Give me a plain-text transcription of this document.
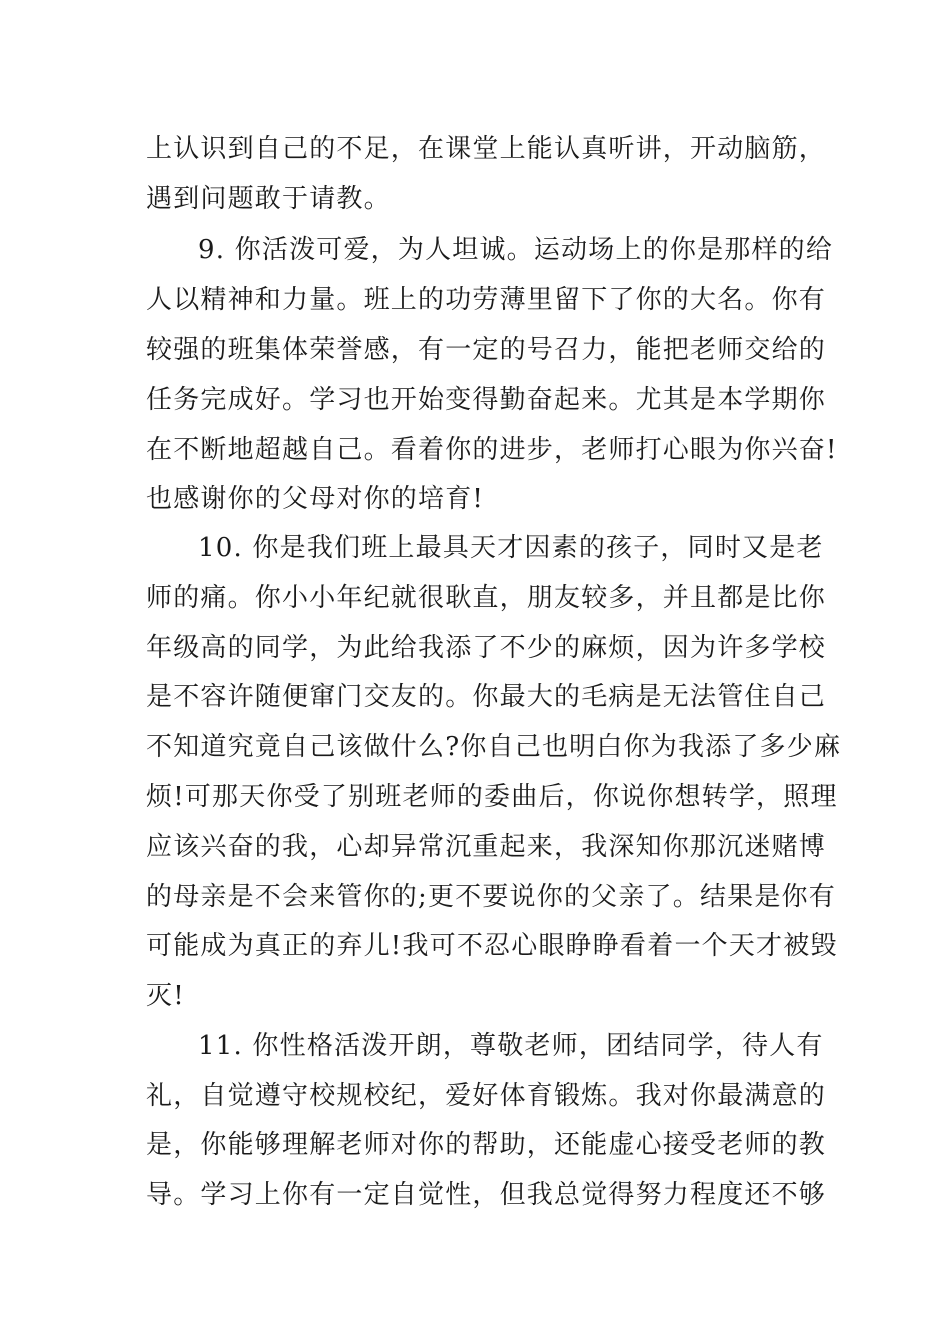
上认识到自己的不足，在课堂上能认真听讲，开动脑筋，
遇到问题敢于请教。
9. 你活泼可爱，为人坦诚。运动场上的你是那样的给
人以精神和力量。班上的功劳薄里留下了你的大名。你有
较强的班集体荣誉感，有一定的号召力，能把老师交给的
任务完成好。学习也开始变得勤奋起来。尤其是本学期你
在不断地超越自己。看着你的进步，老师打心眼为你兴奋!
也感谢你的父母对你的培育!
10. 你是我们班上最具天才因素的孩子，同时又是老
师的痛。你小小年纪就很耿直，朋友较多，并且都是比你
年级高的同学，为此给我添了不少的麻烦，因为许多学校
是不容许随便窜门交友的。你最大的毛病是无法管住自己
不知道究竟自己该做什么?你自己也明白你为我添了多少麻
烦!可那天你受了别班老师的委曲后，你说你想转学，照理
应该兴奋的我，心却异常沉重起来，我深知你那沉迷赌博
的母亲是不会来管你的;更不要说你的父亲了。结果是你有
可能成为真正的弃儿!我可不忍心眼睁睁看着一个天才被毁
灭!
11. 你性格活泼开朗，尊敬老师，团结同学，待人有
礼，自觉遵守校规校纪，爱好体育锻炼。我对你最满意的
是，你能够理解老师对你的帮助，还能虚心接受老师的教
导。学习上你有一定自觉性，但我总觉得努力程度还不够
